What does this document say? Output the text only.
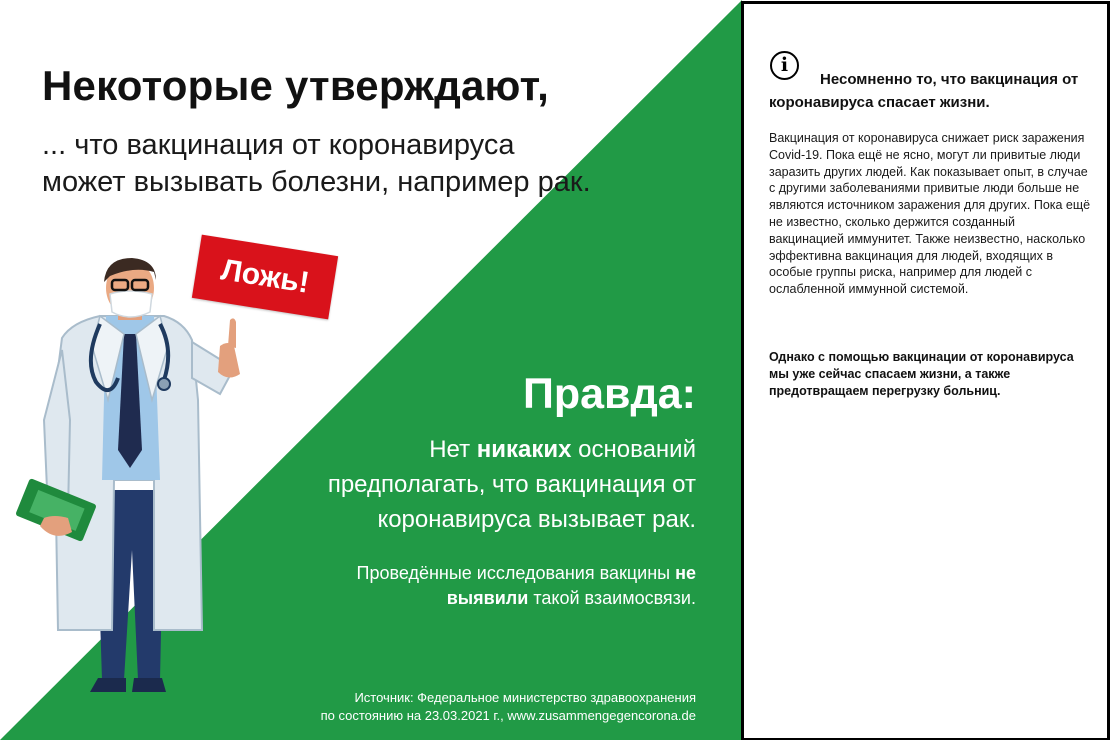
Некоторые утверждают,

... что вакцинация от коронавируса может вызывать болезни, например рак.

Ложь!
Правда:

Нет никаких оснований предполагать, что вакцинация от коронавируса вызывает рак.

Проведённые исследования вакцины не выявили такой взаимосвязи.

Источник: Федеральное министерство здравоохранения
по состоянию на 23.03.2021 г., www.zusammengegencorona.de

i

Несомненно то, что вакцинация от коронавируса спасает жизни.

Вакцинация от коронавируса снижает риск заражения Covid-19. Пока ещё не ясно, могут ли привитые люди заразить других людей. Как показывает опыт, в случае с другими заболеваниями привитые люди больше не являются источником заражения для других. Пока ещё не известно, сколько держится созданный вакцинацией иммунитет. Также неизвестно, насколько эффективна вакцинация для людей, входящих в особые группы риска, например для людей с ослабленной иммунной системой.

Однако с помощью вакцинации от коронавируса мы уже сейчас спасаем жизни, а также предотвращаем перегрузку больниц.
